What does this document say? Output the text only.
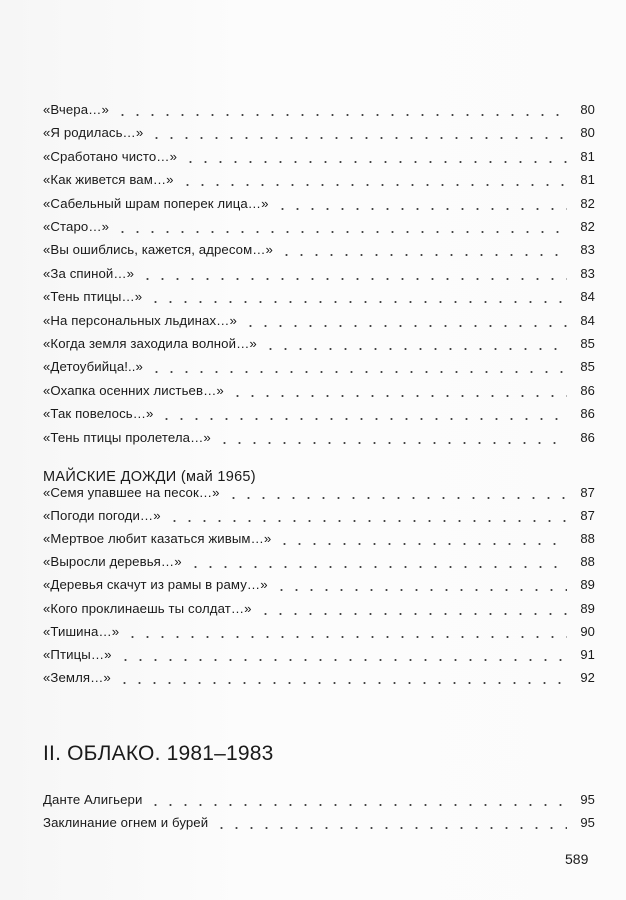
«Вчера…»	80
«Я родилась…»	80
«Сработано чисто…»	81
«Как живется вам…»	81
«Сабельный шрам поперек лица…»	82
«Старо…»	82
«Вы ошиблись, кажется, адресом…»	83
«За спиной…»	83
«Тень птицы…»	84
«На персональных льдинах…»	84
«Когда земля заходила волной…»	85
«Детоубийца!..»	85
«Охапка осенних листьев…»	86
«Так повелось…»	86
«Тень птицы пролетела…»	86
МАЙСКИЕ ДОЖДИ (май 1965)
«Семя упавшее на песок…»	87
«Погоди погоди…»	87
«Мертвое любит казаться живым…»	88
«Выросли деревья…»	88
«Деревья скачут из рамы в раму…»	89
«Кого проклинаешь ты солдат…»	89
«Тишина…»	90
«Птицы…»	91
«Земля…»	92
II. ОБЛАКО. 1981–1983
Данте Алигьери	95
Заклинание огнем и бурей	95
589
